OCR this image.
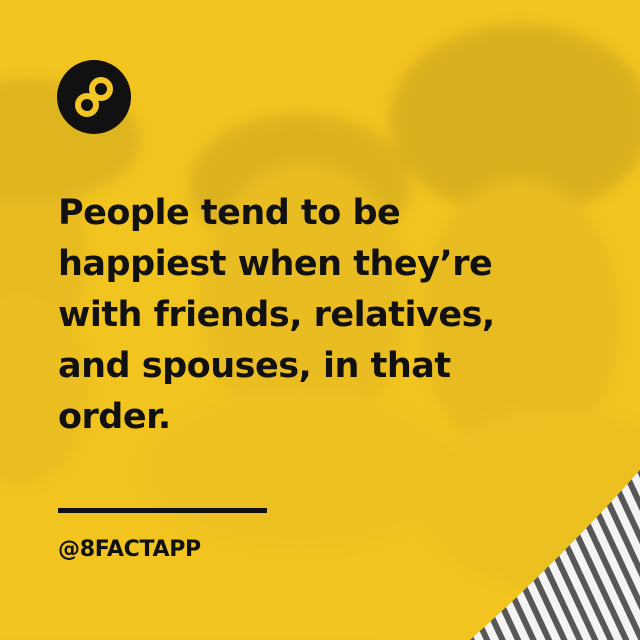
People tend to be
happiest when they’re
with friends, relatives,
and spouses, in that
order.

@8FACTAPP
